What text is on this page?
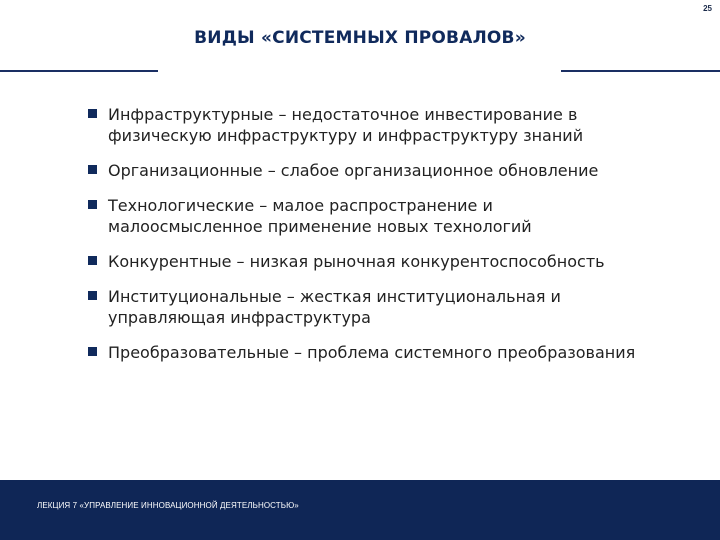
25
ВИДЫ «СИСТЕМНЫХ ПРОВАЛОВ»
Инфраструктурные – недостаточное инвестирование в физическую инфраструктуру и инфраструктуру знаний
Организационные – слабое организационное обновление
Технологические – малое распространение и малоосмысленное применение новых технологий
Конкурентные – низкая рыночная конкурентоспособность
Институциональные – жесткая институциональная и управляющая инфраструктура
Преобразовательные – проблема системного преобразования
ЛЕКЦИЯ 7 «УПРАВЛЕНИЕ ИННОВАЦИОННОЙ ДЕЯТЕЛЬНОСТЬЮ»
